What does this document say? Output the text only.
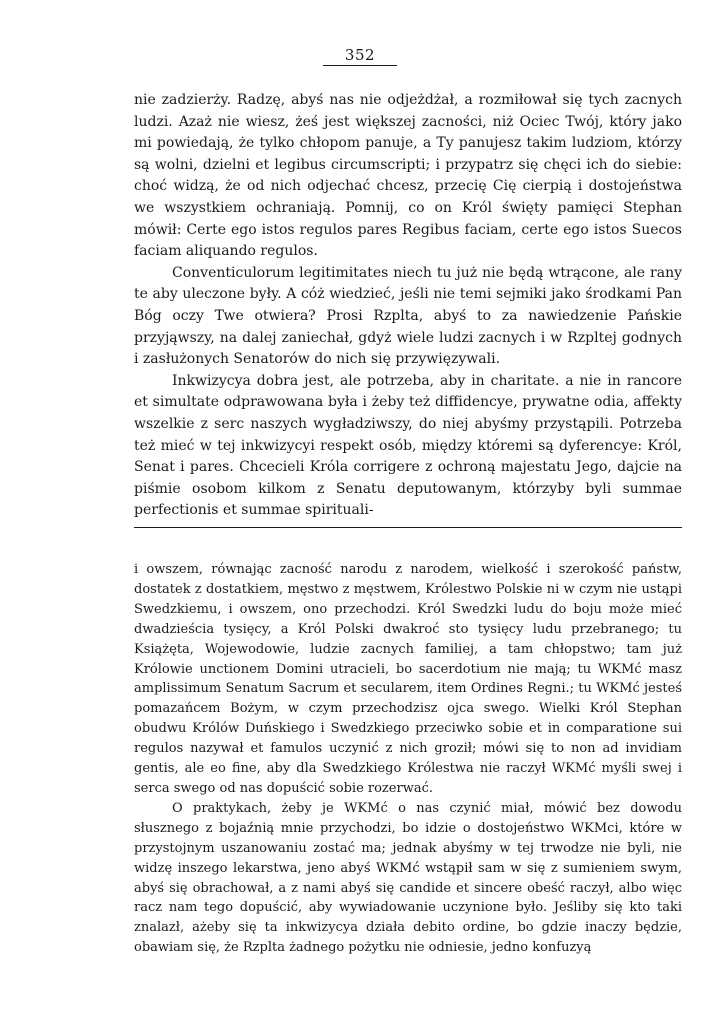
352

nie zadzierży. Radzę, abyś nas nie odjeżdżał, a rozmiłował się tych zacnych ludzi. Azaż nie wiesz, żeś jest większej zacności, niż Ociec Twój, który jako mi powiedają, że tylko chłopom panuje, a Ty panujesz takim ludziom, którzy są wolni, dzielni et legibus circumscripti; i przypatrz się chęci ich do siebie: choć widzą, że od nich odjechać chcesz, przecię Cię cierpią i dostojeństwa we wszystkiem ochraniają. Pomnij, co on Król święty pamięci Stephan mówił: Certe ego istos regulos pares Regibus faciam, certe ego istos Suecos faciam aliquando regulos.

Conventiculorum legitimitates niech tu już nie będą wtrącone, ale rany te aby uleczone były. A cóż wiedzieć, jeśli nie temi sejmiki jako środkami Pan Bóg oczy Twe otwiera? Prosi Rzplta, abyś to za nawiedzenie Pańskie przyjąwszy, na dalej zaniechał, gdyż wiele ludzi zacnych i w Rzpltej godnych i zasłużonych Senatorów do nich się przywięzywali.

Inkwizycya dobra jest, ale potrzeba, aby in charitate. a nie in rancore et simultate odprawowana była i żeby też diffidencye, prywatne odia, affekty wszelkie z serc naszych wygładziwszy, do niej abyśmy przystąpili. Potrzeba też mieć w tej inkwizycyi respekt osób, między któremi są dyferencye: Król, Senat i pares. Chcecieli Króla corrigere z ochroną majestatu Jego, dajcie na piśmie osobom kilkom z Senatu deputowanym, którzyby byli summae perfectionis et summae spirituali-

i owszem, równając zacność narodu z narodem, wielkość i szerokość państw, dostatek z dostatkiem, męstwo z męstwem, Królestwo Polskie ni w czym nie ustąpi Swedzkiemu, i owszem, ono przechodzi. Król Swedzki ludu do boju może mieć dwadzieścia tysięcy, a Król Polski dwakroć sto tysięcy ludu przebranego; tu Książęta, Wojewodowie, ludzie zacnych familiej, a tam chłopstwo; tam już Królowie unctionem Domini utracieli, bo sacerdotium nie mają; tu WKMć masz amplissimum Senatum Sacrum et secularem, item Ordines Regni.; tu WKMć jesteś pomazańcem Bożym, w czym przechodzisz ojca swego. Wielki Król Stephan obudwu Królów Duńskiego i Swedzkiego przeciwko sobie et in comparatione sui regulos nazywał et famulos uczynić z nich groził; mówi się to non ad invidiam gentis, ale eo fine, aby dla Swedzkiego Królestwa nie raczył WKMć myśli swej i serca swego od nas dopuścić sobie rozerwać.

O praktykach, żeby je WKMć o nas czynić miał, mówić bez dowodu słusznego z bojaźnią mnie przychodzi, bo idzie o dostojeństwo WKMci, które w przystojnym uszanowaniu zostać ma; jednak abyśmy w tej trwodze nie byli, nie widzę inszego lekarstwa, jeno abyś WKMć wstąpił sam w się z sumieniem swym, abyś się obrachował, a z nami abyś się candide et sincere obeść raczył, albo więc racz nam tego dopuścić, aby wywiadowanie uczynione było. Jeśliby się kto taki znalazł, ażeby się ta inkwizycya działa debito ordine, bo gdzie inaczy będzie, obawiam się, że Rzplta żadnego pożytku nie odniesie, jedno konfuzyą
